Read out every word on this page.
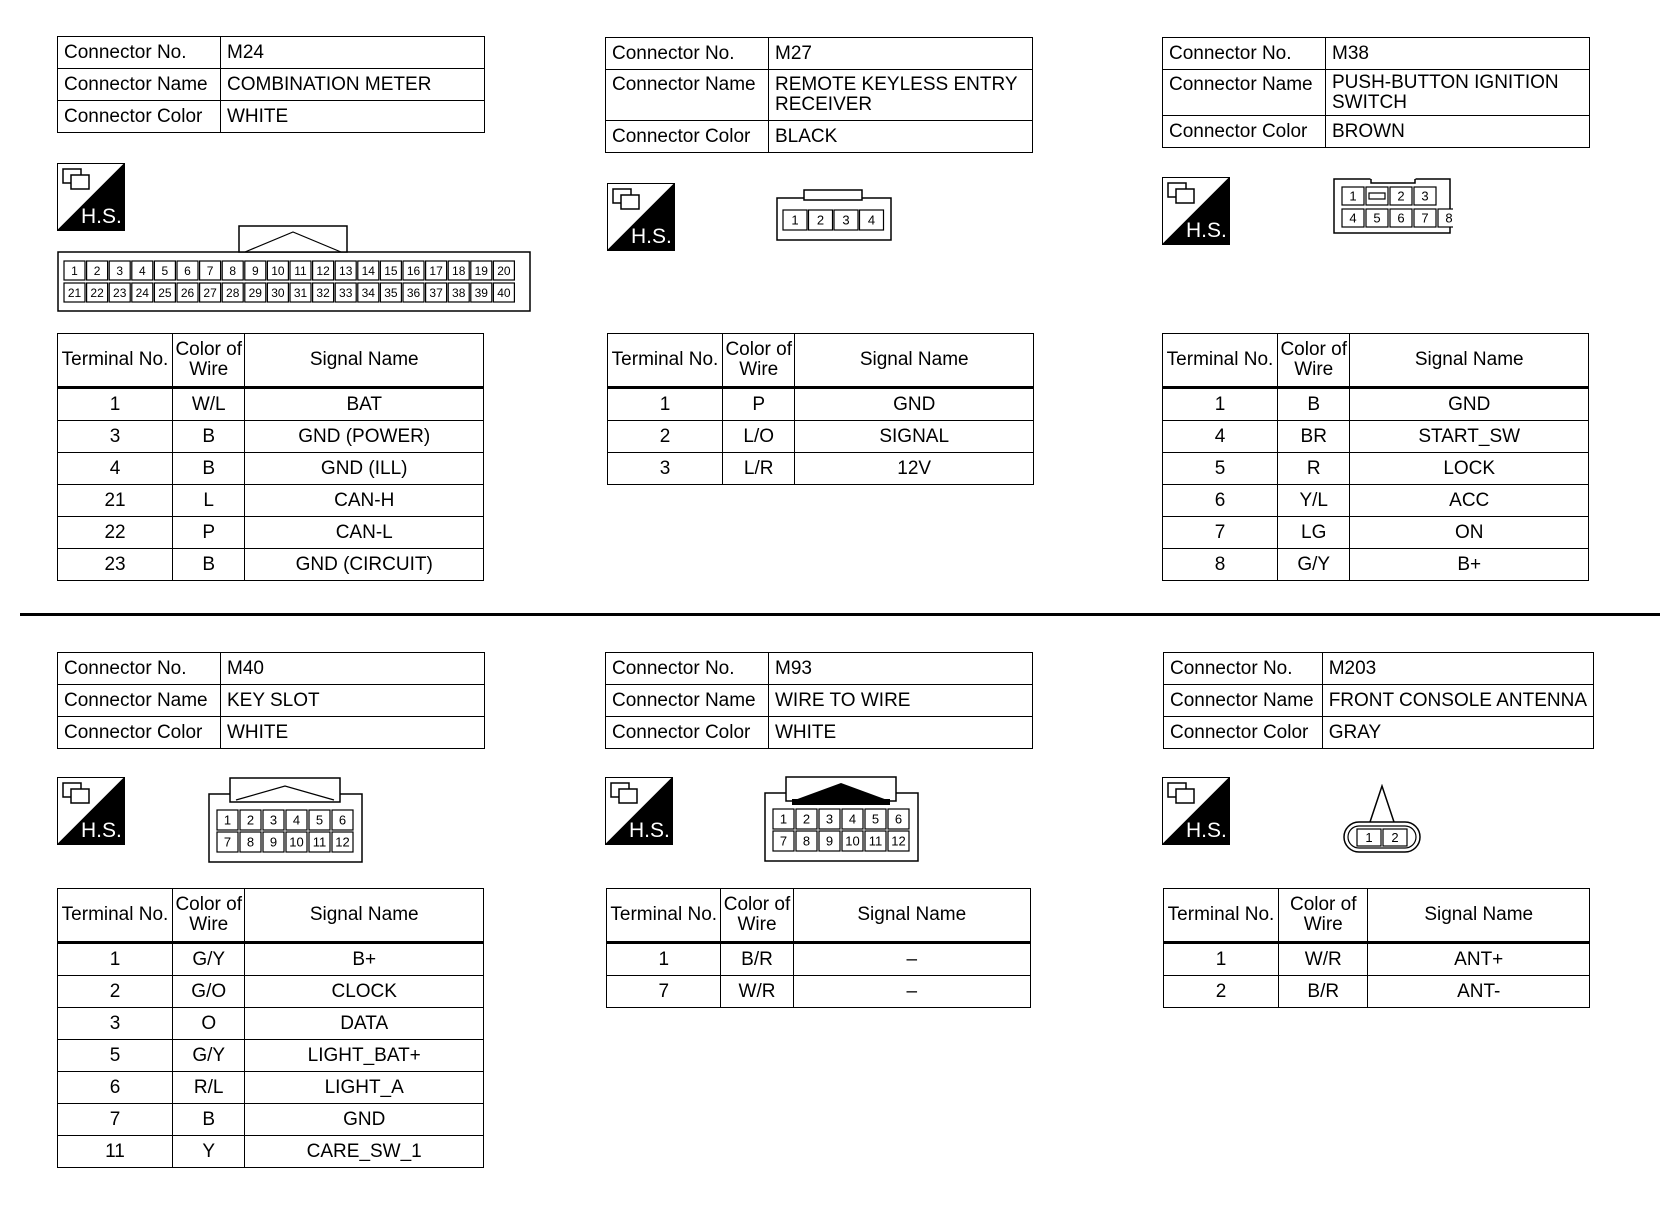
Connector No.	M24
Connector Name	COMBINATION METER
Connector Color	WHITE
H.S.
1 2 3 4 5 6 7 8 9 10 11 12 13 14 15 16 17 18 19 20
21 22 23 24 25 26 27 28 29 30 31 32 33 34 35 36 37 38 39 40
Terminal No.	Color of Wire	Signal Name
1	W/L	BAT
3	B	GND (POWER)
4	B	GND (ILL)
21	L	CAN-H
22	P	CAN-L
23	B	GND (CIRCUIT)
Connector No.	M27
Connector Name	REMOTE KEYLESS ENTRY RECEIVER
Connector Color	BLACK
H.S.
1 2 3 4
Terminal No.	Color of Wire	Signal Name
1	P	GND
2	L/O	SIGNAL
3	L/R	12V
Connector No.	M38
Connector Name	PUSH-BUTTON IGNITION SWITCH
Connector Color	BROWN
H.S.
1	2 3
4 5 6 7 8
Terminal No.	Color of Wire	Signal Name
1	B	GND
4	BR	START_SW
5	R	LOCK
6	Y/L	ACC
7	LG	ON
8	G/Y	B+
Connector No.	M40
Connector Name	KEY SLOT
Connector Color	WHITE
H.S.	1 2 3 4 5 6
7 8 9 10 11 12
Terminal No.	Color of Wire	Signal Name
1	G/Y	B+
2	G/O	CLOCK
3	O	DATA
5	G/Y	LIGHT_BAT+
6	R/L	LIGHT_A
7	B	GND
11	Y	CARE_SW_1
Connector No.	M93
Connector Name	WIRE TO WIRE
Connector Color	WHITE
H.S.	1 2 3 4 5 6
7 8 9 10 11 12
Terminal No.	Color of Wire	Signal Name
1	B/R	–
7	W/R	–
Connector No.	M203
Connector Name	FRONT CONSOLE ANTENNA
Connector Color	GRAY
H.S.	1 2
Terminal No.	Color of Wire	Signal Name
1	W/R	ANT+
2	B/R	ANT-
